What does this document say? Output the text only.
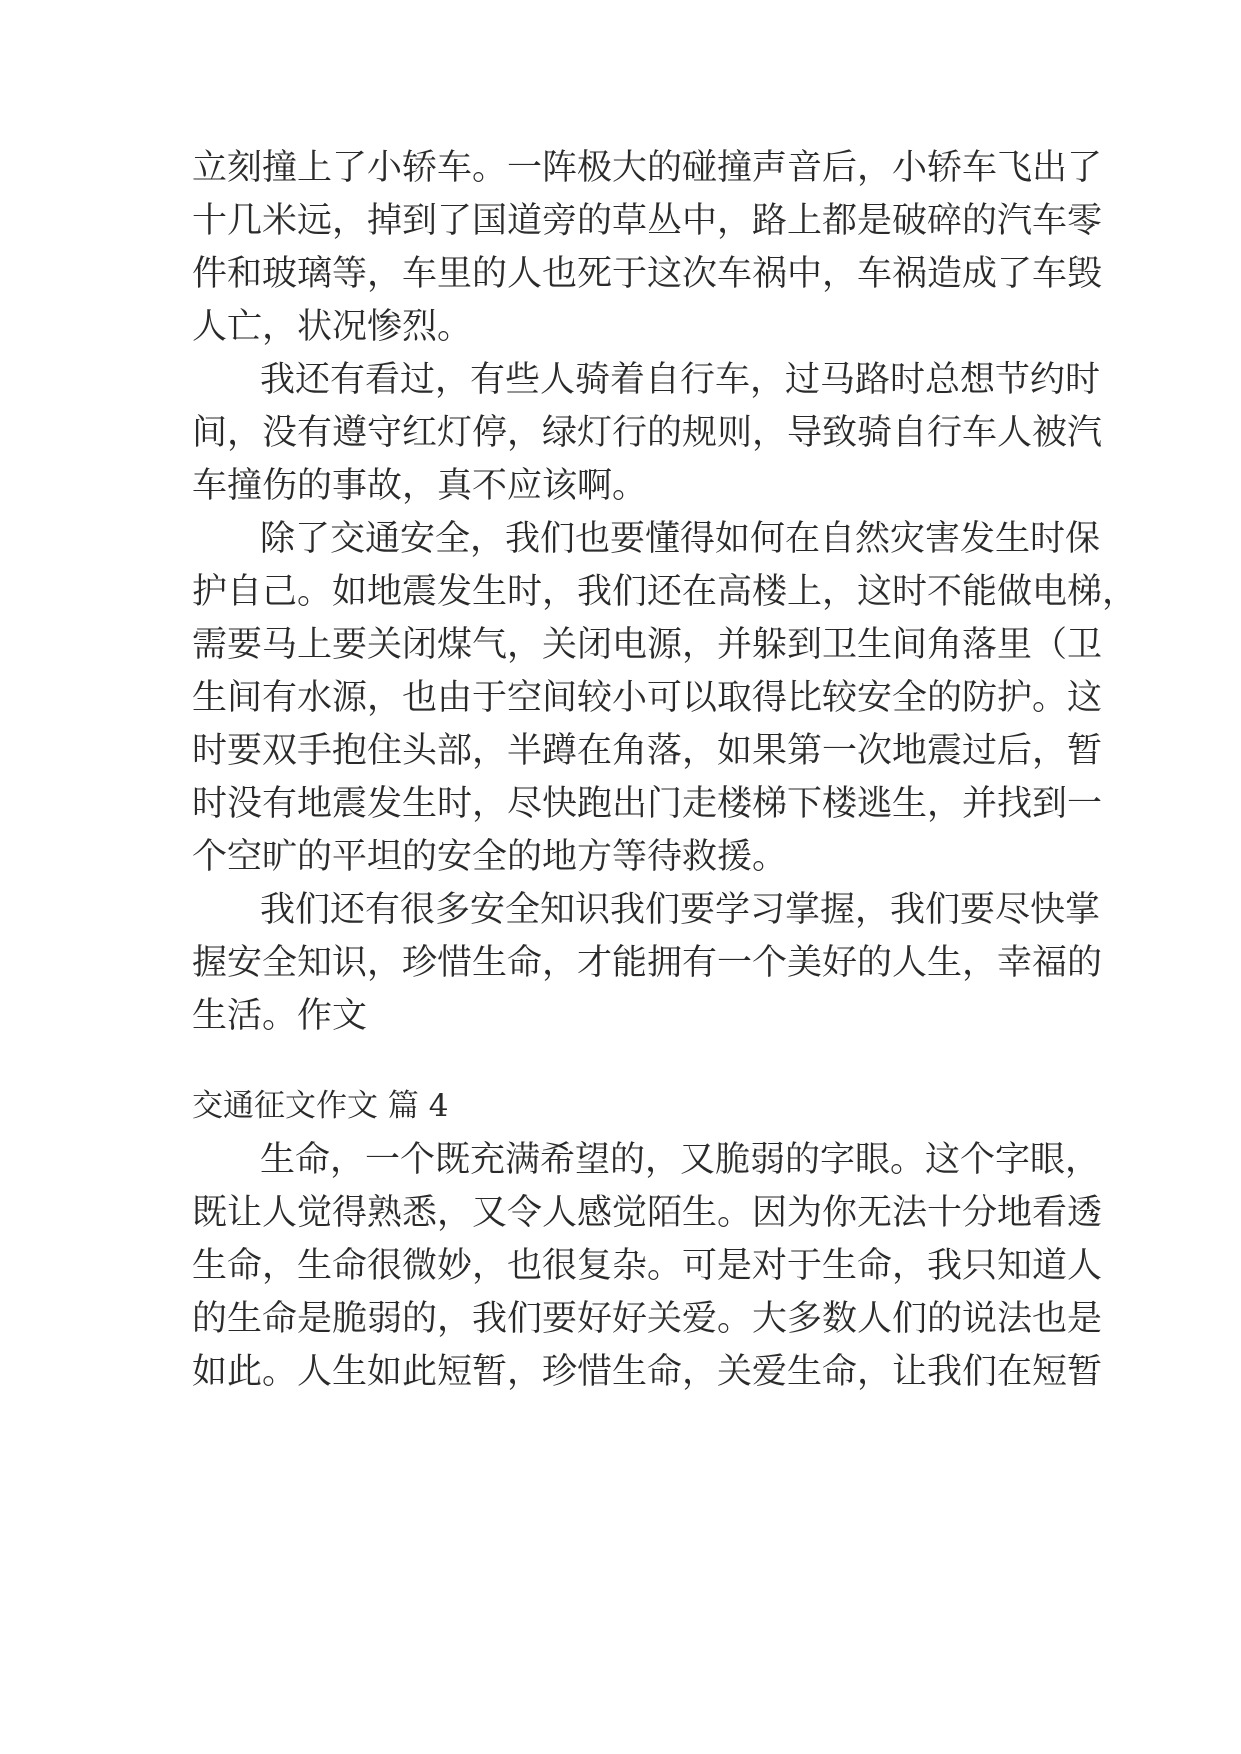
立刻撞上了小轿车。一阵极大的碰撞声音后，小轿车飞出了
十几米远，掉到了国道旁的草丛中，路上都是破碎的汽车零
件和玻璃等，车里的人也死于这次车祸中，车祸造成了车毁
人亡，状况惨烈。
我还有看过，有些人骑着自行车，过马路时总想节约时
间，没有遵守红灯停，绿灯行的规则，导致骑自行车人被汽
车撞伤的事故，真不应该啊。
除了交通安全，我们也要懂得如何在自然灾害发生时保
护自己。如地震发生时，我们还在高楼上，这时不能做电梯，
需要马上要关闭煤气，关闭电源，并躲到卫生间角落里（卫
生间有水源，也由于空间较小可以取得比较安全的防护。这
时要双手抱住头部，半蹲在角落，如果第一次地震过后，暂
时没有地震发生时，尽快跑出门走楼梯下楼逃生，并找到一
个空旷的平坦的安全的地方等待救援。
我们还有很多安全知识我们要学习掌握，我们要尽快掌
握安全知识，珍惜生命，才能拥有一个美好的人生，幸福的
生活。作文
交通征文作文 篇 4
生命，一个既充满希望的，又脆弱的字眼。这个字眼，
既让人觉得熟悉，又令人感觉陌生。因为你无法十分地看透
生命，生命很微妙，也很复杂。可是对于生命，我只知道人
的生命是脆弱的，我们要好好关爱。大多数人们的说法也是
如此。人生如此短暂，珍惜生命，关爱生命，让我们在短暂
